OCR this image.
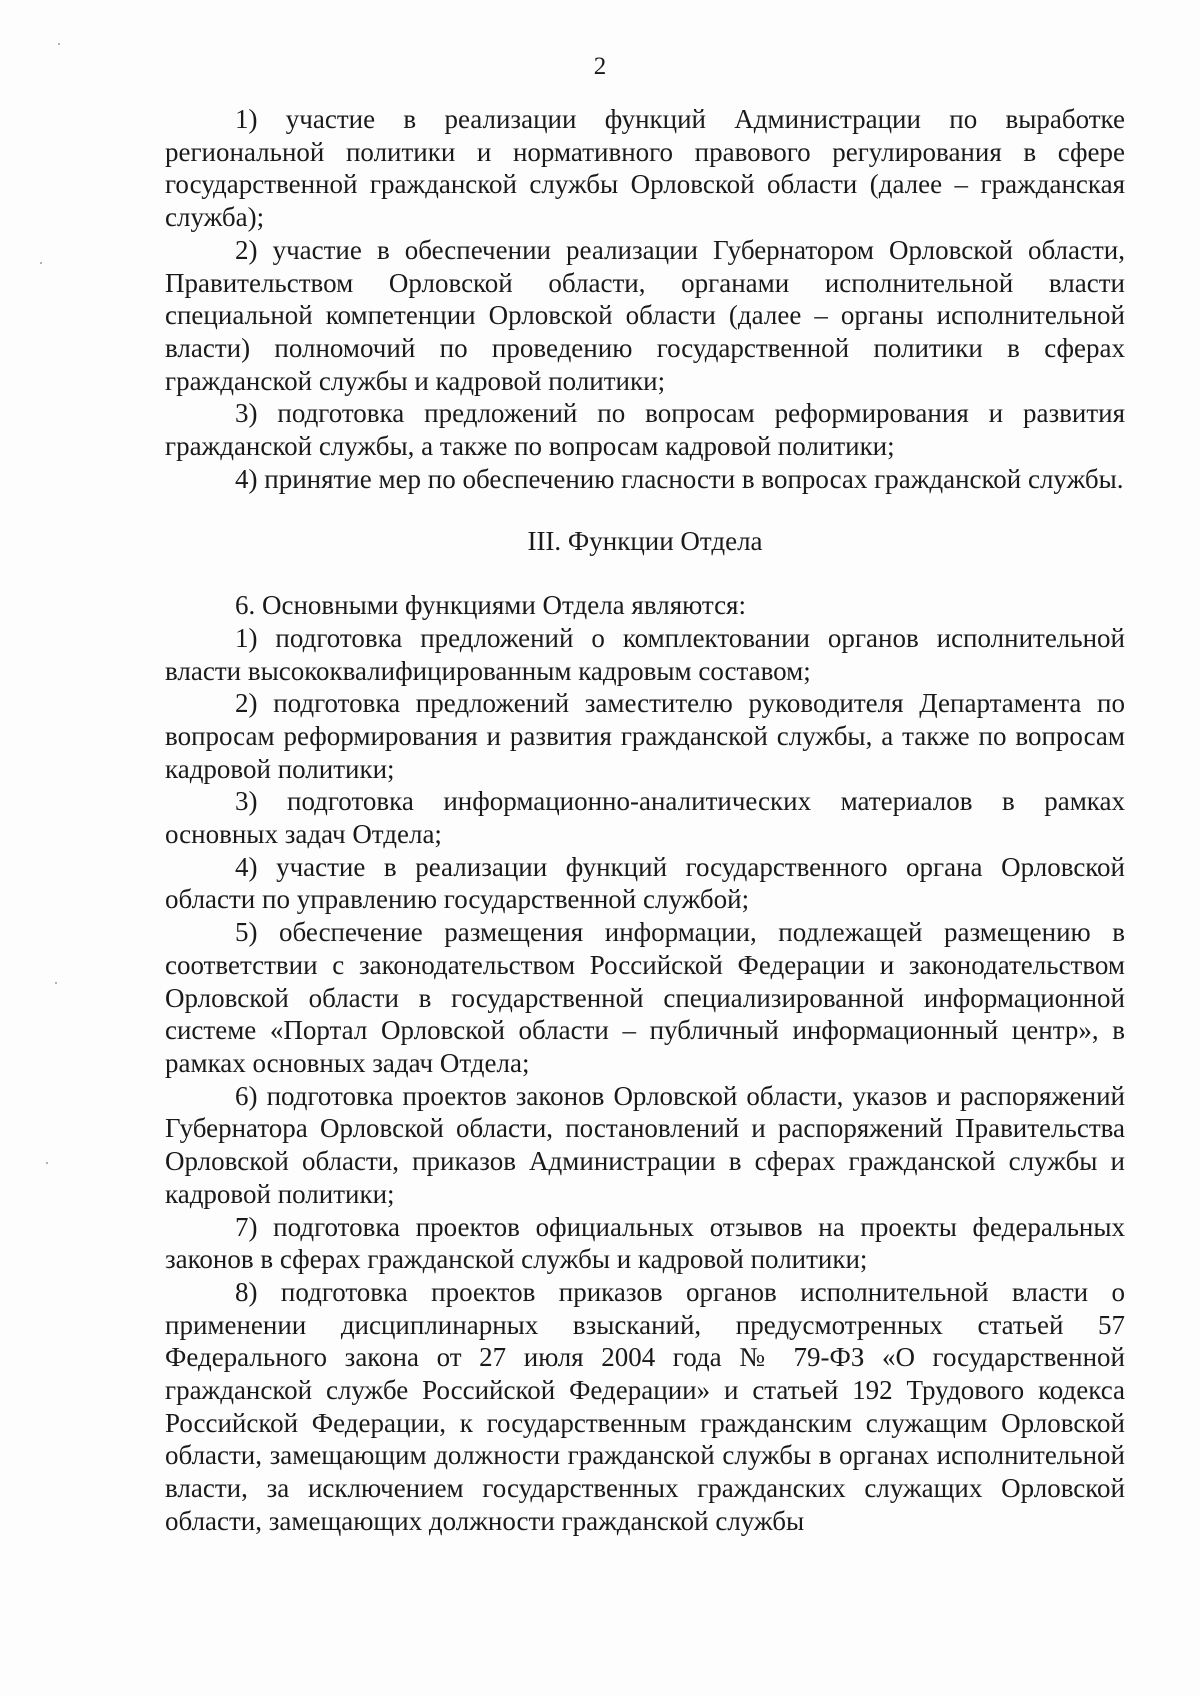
2

1) участие в реализации функций Администрации по выработке региональной политики и нормативного правового регулирования в сфере государственной гражданской службы Орловской области (далее – гражданская служба);

2) участие в обеспечении реализации Губернатором Орловской области, Правительством Орловской области, органами исполнительной власти специальной компетенции Орловской области (далее – органы исполнительной власти) полномочий по проведению государственной политики в сферах гражданской службы и кадровой политики;

3) подготовка предложений по вопросам реформирования и развития гражданской службы, а также по вопросам кадровой политики;

4) принятие мер по обеспечению гласности в вопросах гражданской службы.

III. Функции Отдела

6. Основными функциями Отдела являются:

1) подготовка предложений о комплектовании органов исполнительной власти высококвалифицированным кадровым составом;

2) подготовка предложений заместителю руководителя Департамента по вопросам реформирования и развития гражданской службы, а также по вопросам кадровой политики;

3) подготовка информационно-аналитических материалов в рамках основных задач Отдела;

4) участие в реализации функций государственного органа Орловской области по управлению государственной службой;

5) обеспечение размещения информации, подлежащей размещению в соответствии с законодательством Российской Федерации и законодательством Орловской области в государственной специализированной информационной системе «Портал Орловской области – публичный информационный центр», в рамках основных задач Отдела;

6) подготовка проектов законов Орловской области, указов и распоряжений Губернатора Орловской области, постановлений и распоряжений Правительства Орловской области, приказов Администрации в сферах гражданской службы и кадровой политики;

7) подготовка проектов официальных отзывов на проекты федеральных законов в сферах гражданской службы и кадровой политики;

8) подготовка проектов приказов органов исполнительной власти о применении дисциплинарных взысканий, предусмотренных статьей 57 Федерального закона от 27 июля 2004 года № 79-ФЗ «О государственной гражданской службе Российской Федерации» и статьей 192 Трудового кодекса Российской Федерации, к государственным гражданским служащим Орловской области, замещающим должности гражданской службы в органах исполнительной власти, за исключением государственных гражданских служащих Орловской области, замещающих должности гражданской службы
